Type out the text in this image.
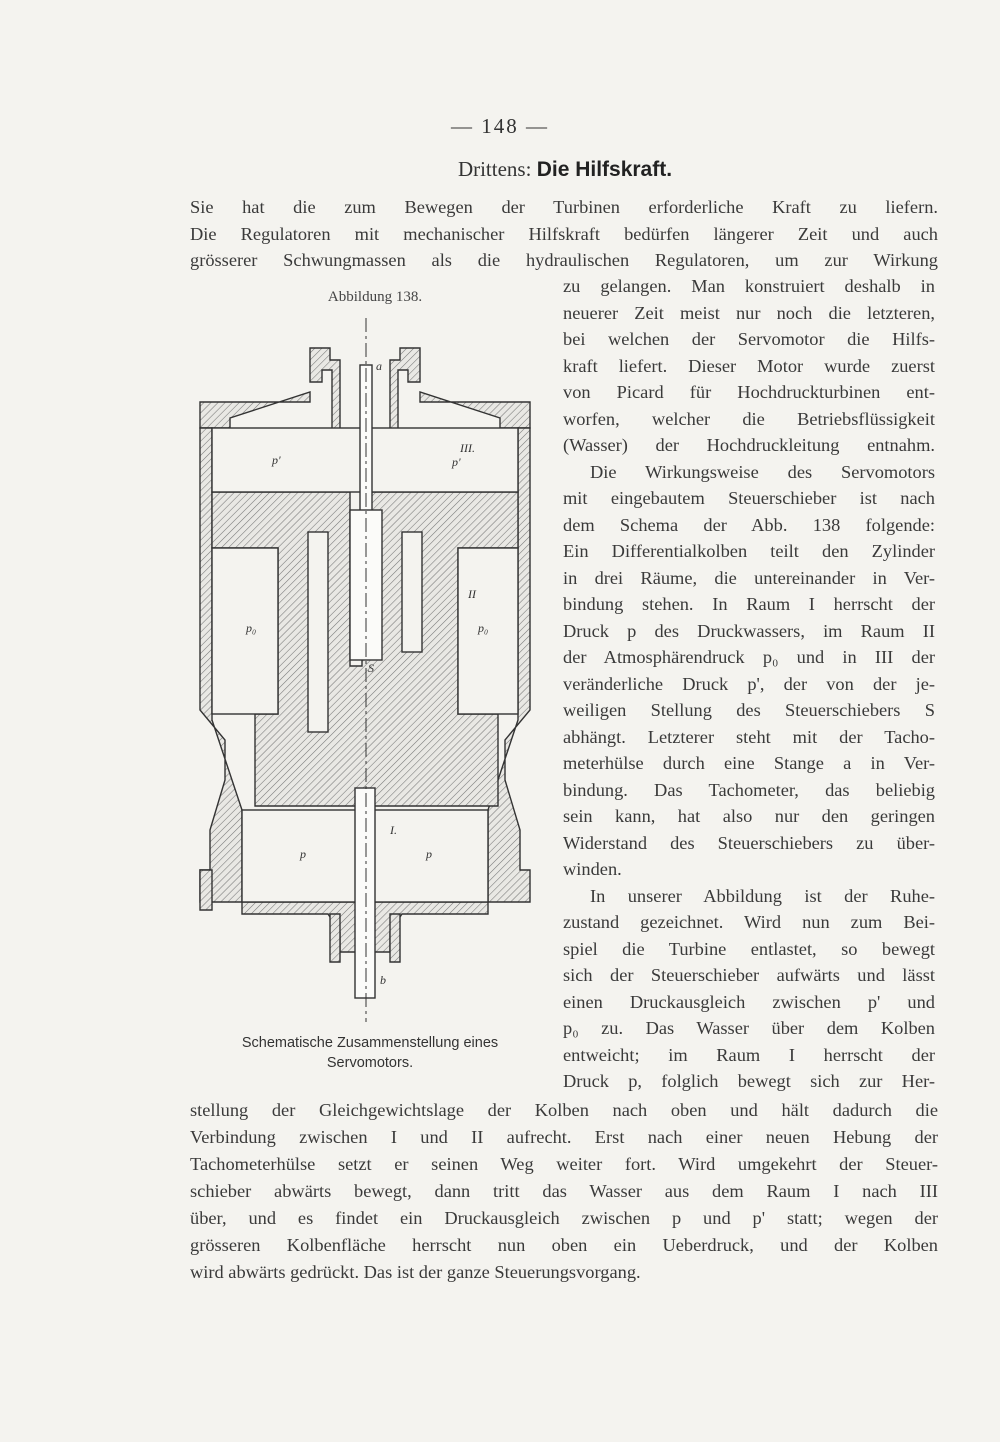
— 148 —
Drittens: Die Hilfskraft.
Sie hat die zum Bewegen der Turbinen erforderliche Kraft zu liefern.
Die Regulatoren mit mechanischer Hilfskraft bedürfen längerer Zeit und auch
grösserer Schwungmassen als die hydraulischen Regulatoren, um zur Wirkung
zu gelangen. Man konstruiert deshalb in
neuerer Zeit meist nur noch die letzteren,
bei welchen der Servomotor die Hilfs-
kraft liefert. Dieser Motor wurde zuerst
von Picard für Hochdruckturbinen ent-
worfen, welcher die Betriebsflüssigkeit
(Wasser) der Hochdruckleitung entnahm.
Die Wirkungsweise des Servomotors
mit eingebautem Steuerschieber ist nach
dem Schema der Abb. 138 folgende:
Ein Differentialkolben teilt den Zylinder
in drei Räume, die untereinander in Ver-
bindung stehen. In Raum I herrscht der
Druck p des Druckwassers, im Raum II
der Atmosphärendruck p₀ und in III der
veränderliche Druck p', der von der je-
weiligen Stellung des Steuerschiebers S
abhängt. Letzterer steht mit der Tacho-
meterhülse durch eine Stange a in Ver-
bindung. Das Tachometer, das beliebig
sein kann, hat also nur den geringen
Widerstand des Steuerschiebers zu über-
winden.
In unserer Abbildung ist der Ruhe-
zustand gezeichnet. Wird nun zum Bei-
spiel die Turbine entlastet, so bewegt
sich der Steuerschieber aufwärts und lässt
einen Druckausgleich zwischen p' und
p₀ zu. Das Wasser über dem Kolben
entweicht; im Raum I herrscht der
Druck p, folglich bewegt sich zur Her-
stellung der Gleichgewichtslage der Kolben nach oben und hält dadurch die
Verbindung zwischen I und II aufrecht. Erst nach einer neuen Hebung der
Tachometerhülse setzt er seinen Weg weiter fort. Wird umgekehrt der Steuer-
schieber abwärts bewegt, dann tritt das Wasser aus dem Raum I nach III
über, und es findet ein Druckausgleich zwischen p und p' statt; wegen der
grösseren Kolbenfläche herrscht nun oben ein Ueberdruck, und der Kolben
wird abwärts gedrückt. Das ist der ganze Steuerungsvorgang.
Abbildung 138.
a
III.
p'	p'
II
p₀	p₀
S
I.
p	p
b
Schematische Zusammenstellung eines
Servomotors.
